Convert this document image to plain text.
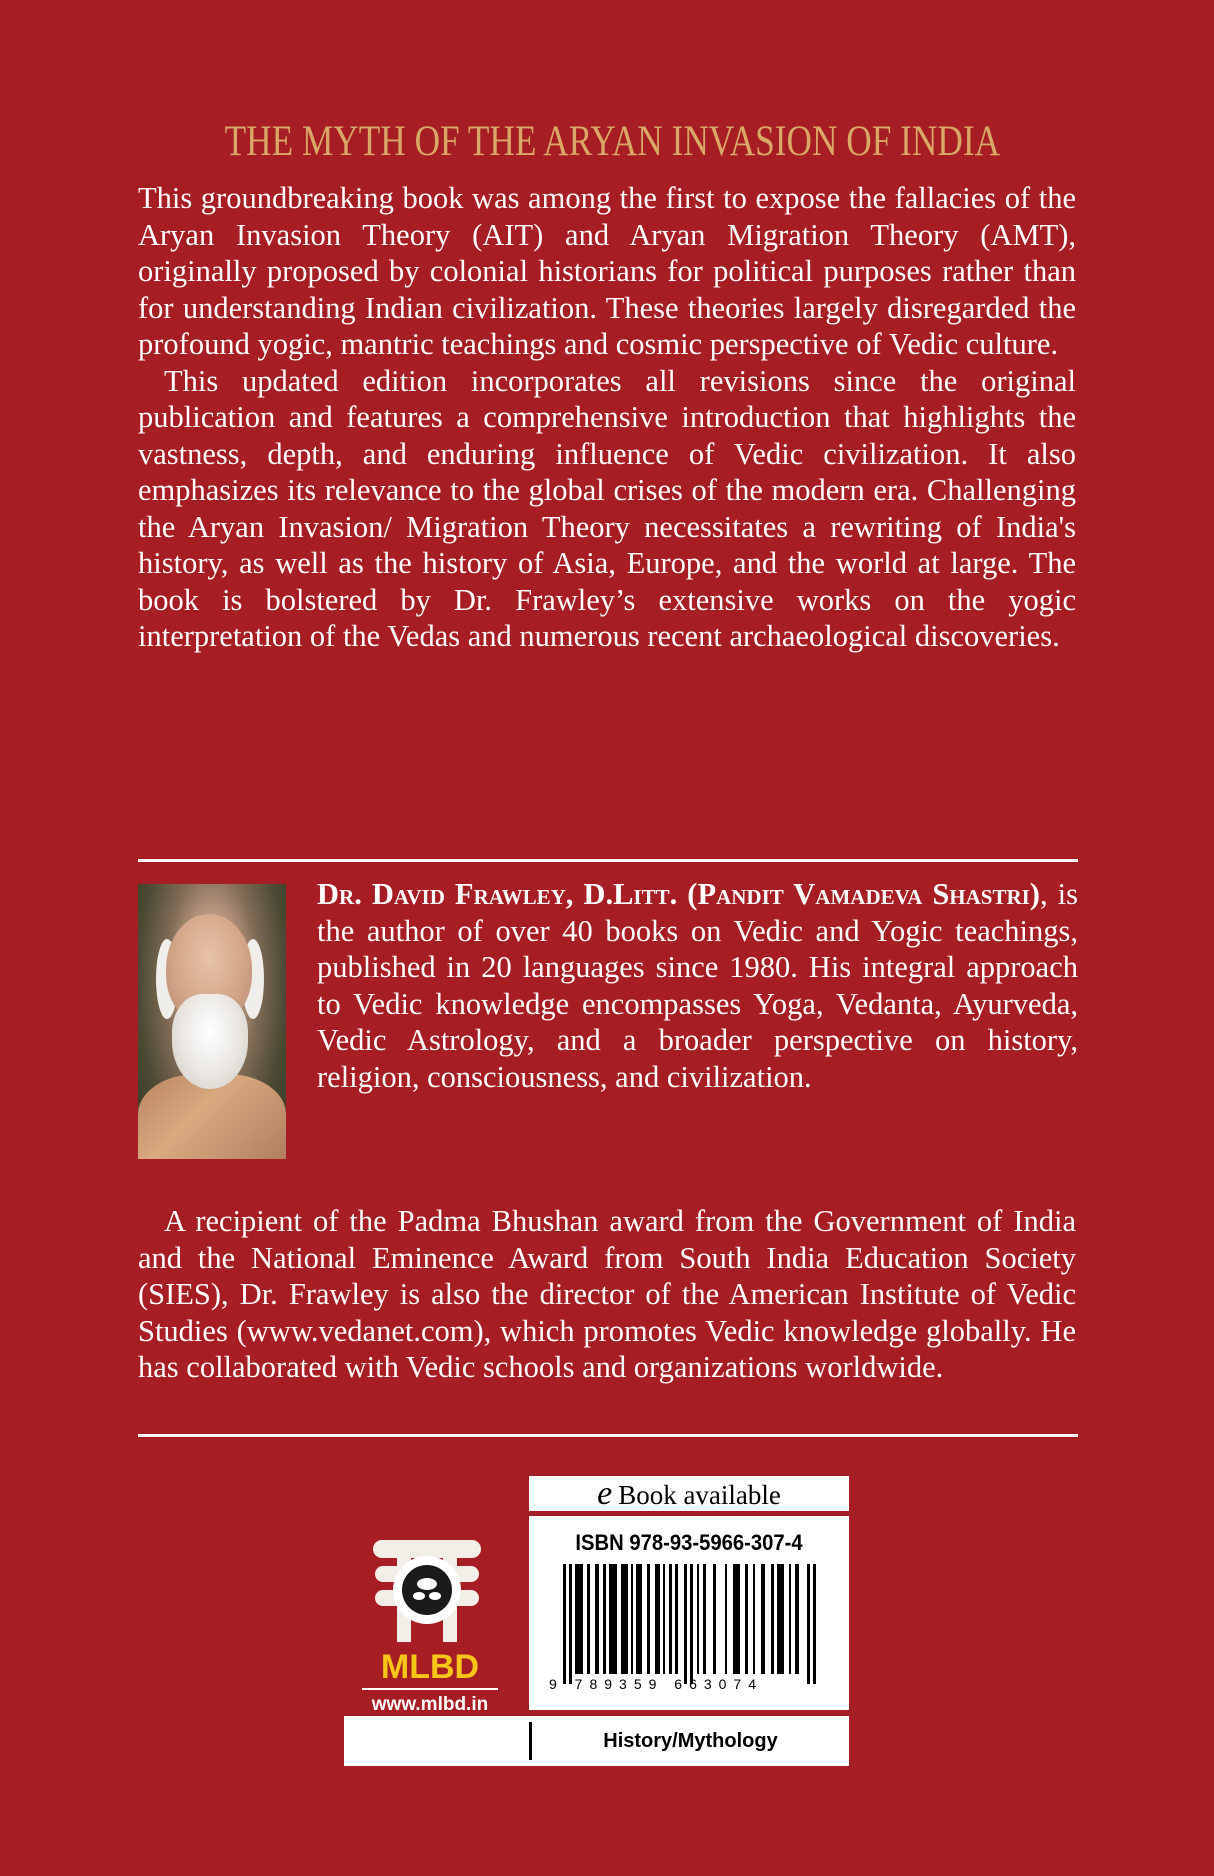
THE MYTH OF THE ARYAN INVASION OF INDIA

This groundbreaking book was among the first to expose the fallacies of the Aryan Invasion Theory (AIT) and Aryan Migration Theory (AMT), originally proposed by colonial historians for political purposes rather than for understanding Indian civilization. These theories largely disregarded the profound yogic, mantric teachings and cosmic perspective of Vedic culture.

This updated edition incorporates all revisions since the original publication and features a comprehensive introduction that highlights the vastness, depth, and enduring influence of Vedic civilization. It also emphasizes its relevance to the global crises of the modern era. Challenging the Aryan Invasion/ Migration Theory necessitates a rewriting of India's history, as well as the history of Asia, Europe, and the world at large. The book is bolstered by Dr. Frawley’s extensive works on the yogic interpretation of the Vedas and numerous recent archaeological discoveries.

Dr. David Frawley, D.Litt. (Pandit Vamadeva Shastri), is the author of over 40 books on Vedic and Yogic teachings, published in 20 languages since 1980. His integral approach to Vedic knowledge encompasses Yoga, Vedanta, Ayurveda, Vedic Astrology, and a broader perspective on history, religion, consciousness, and civilization.

A recipient of the Padma Bhushan award from the Government of India and the National Eminence Award from South India Education Society (SIES), Dr. Frawley is also the director of the American Institute of Vedic Studies (www.vedanet.com), which promotes Vedic knowledge globally. He has collaborated with Vedic schools and organizations worldwide.

MLBD
www.mlbd.in
e Book available
ISBN 978-93-5966-307-4
9 789359 663074
History/Mythology
